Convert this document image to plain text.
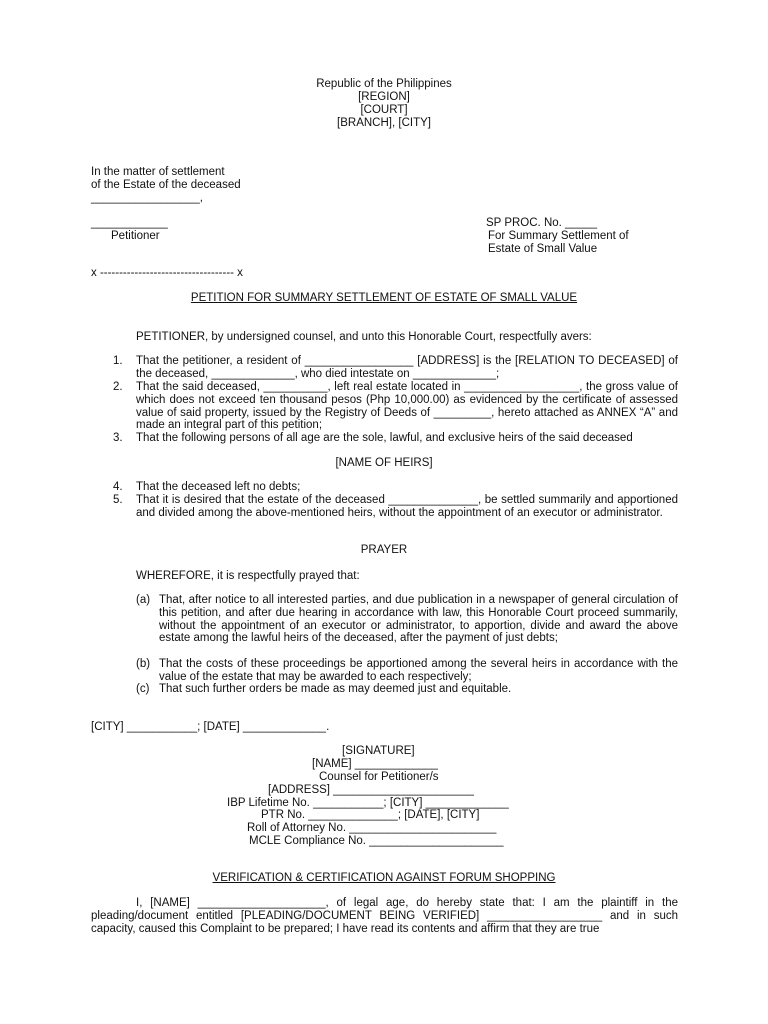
Republic of the Philippines
[REGION]
[COURT]
[BRANCH], [CITY]
In the matter of settlement
of the Estate of the deceased
_________________,
____________
Petitioner
SP PROC. No. _____
For Summary Settlement of
Estate of Small Value
x ----------------------------------- x
PETITION FOR SUMMARY SETTLEMENT OF ESTATE OF SMALL VALUE
PETITIONER, by undersigned counsel, and unto this Honorable Court, respectfully avers:
1. That the petitioner, a resident of _________________ [ADDRESS] is the [RELATION TO DECEASED] of the deceased, _____________, who died intestate on _____________;
2. That the said deceased, __________, left real estate located in __________________, the gross value of which does not exceed ten thousand pesos (Php 10,000.00) as evidenced by the certificate of assessed value of said property, issued by the Registry of Deeds of _________, hereto attached as ANNEX “A” and made an integral part of this petition;
3. That the following persons of all age are the sole, lawful, and exclusive heirs of the said deceased
[NAME OF HEIRS]
4. That the deceased left no debts;
5. That it is desired that the estate of the deceased ______________, be settled summarily and apportioned and divided among the above-mentioned heirs, without the appointment of an executor or administrator.
PRAYER
WHEREFORE, it is respectfully prayed that:
(a) That, after notice to all interested parties, and due publication in a newspaper of general circulation of this petition, and after due hearing in accordance with law, this Honorable Court proceed summarily, without the appointment of an executor or administrator, to apportion, divide and award the above estate among the lawful heirs of the deceased, after the payment of just debts;
(b) That the costs of these proceedings be apportioned among the several heirs in accordance with the value of the estate that may be awarded to each respectively;
(c) That such further orders be made as may deemed just and equitable.
[CITY] ___________; [DATE] _____________.
[SIGNATURE]
[NAME] _____________
Counsel for Petitioner/s
[ADDRESS] ______________________
IBP Lifetime No. ___________; [CITY] _____________
PTR No. ______________; [DATE], [CITY]
Roll of Attorney No. _______________________
MCLE Compliance No. _____________________
VERIFICATION & CERTIFICATION AGAINST FORUM SHOPPING
I, [NAME] ____________________, of legal age, do hereby state that: I am the plaintiff in the pleading/document entitled [PLEADING/DOCUMENT BEING VERIFIED] __________________ and in such capacity, caused this Complaint to be prepared; I have read its contents and affirm that they are true
